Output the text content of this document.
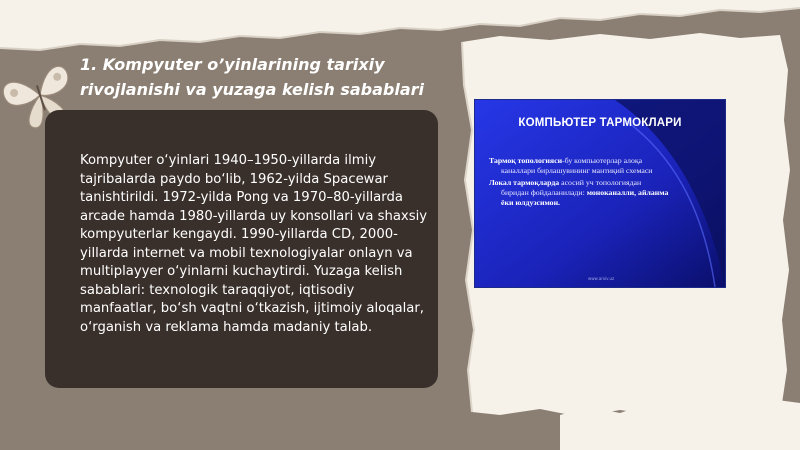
1. Kompyuter o’yinlarining tarixiy rivojlanishi va yuzaga kelish sabablari
Kompyuter o‘yinlari 1940–1950-yillarda ilmiy tajribalarda paydo bo‘lib, 1962-yilda Spacewar tanishtirildi. 1972-yilda Pong va 1970–80-yillarda arcade hamda 1980-yillarda uy konsollari va shaxsiy kompyuterlar kengaydi. 1990-yillarda CD, 2000-yillarda internet va mobil texnologiyalar onlayn va multiplayyer o‘yinlarni kuchaytirdi. Yuzaga kelish sabablari: texnologik taraqqiyot, iqtisodiy manfaatlar, bo‘sh vaqtni o‘tkazish, ijtimoiy aloqalar, o‘rganish va reklama hamda madaniy talab.
КОМПЬЮТЕР ТАРМОКЛАРИ
Тармоқ топологияси-бу компьютерлар алоқа
каналлари бирлашувининг мантиқий схемаси
Локал тармоқларда асосий уч топологиядан
биридан фойдаланилади: моноканалли, айланма
ёки юлдузсимон.
www.arxiv.uz
